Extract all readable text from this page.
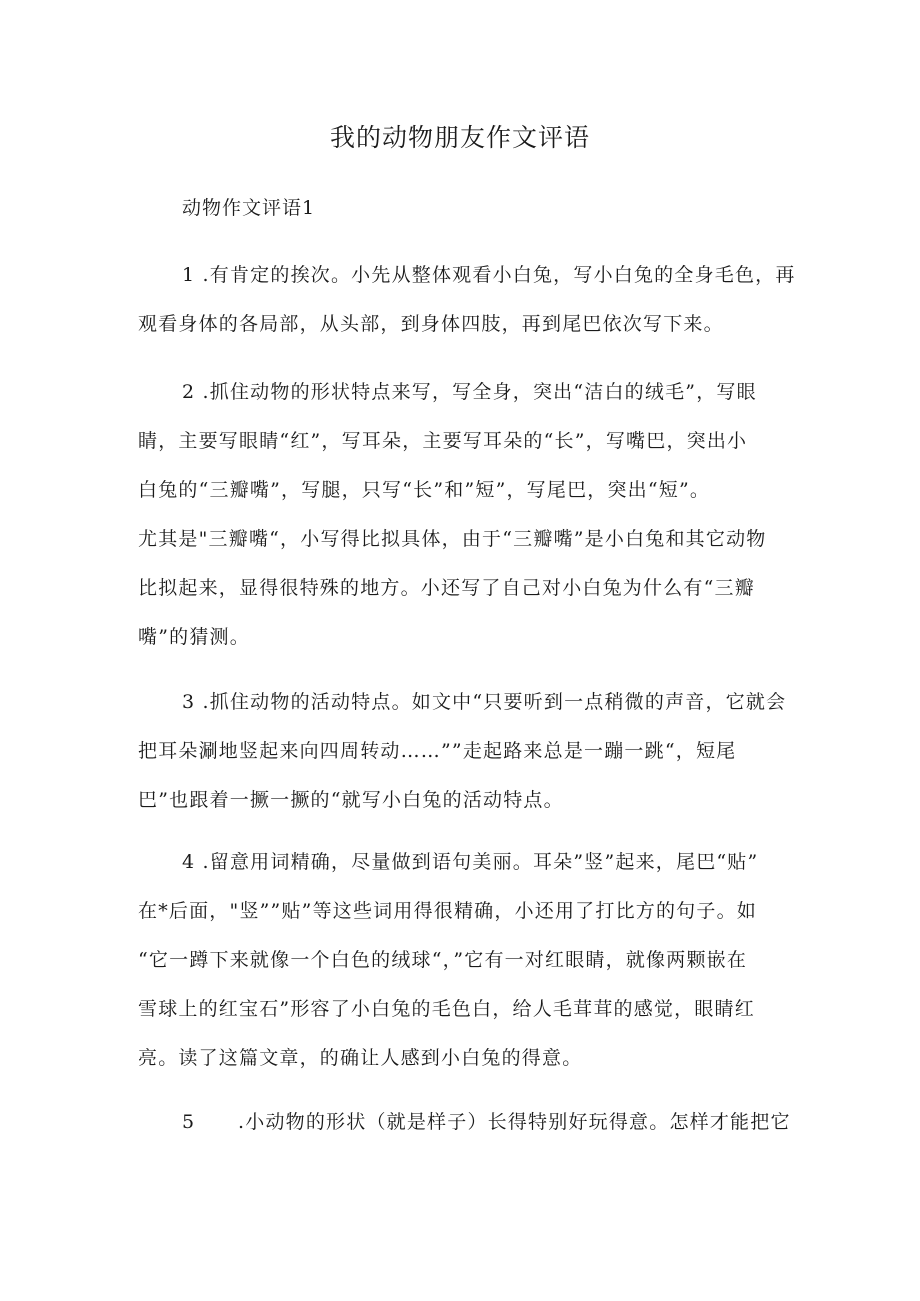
我的动物朋友作文评语
动物作文评语1
1 .有肯定的挨次。小先从整体观看小白兔，写小白兔的全身毛色，再
观看身体的各局部，从头部，到身体四肢，再到尾巴依次写下来。
2 .抓住动物的形状特点来写，写全身，突出“洁白的绒毛”，写眼
睛，主要写眼睛“红”，写耳朵，主要写耳朵的“长”，写嘴巴，突出小
白兔的“三瓣嘴”，写腿，只写“长”和”短”，写尾巴，突出“短”。
尤其是"三瓣嘴“，小写得比拟具体，由于“三瓣嘴”是小白兔和其它动物
比拟起来，显得很特殊的地方。小还写了自己对小白兔为什么有“三瓣
嘴”的猜测。
3 .抓住动物的活动特点。如文中“只要听到一点稍微的声音，它就会
把耳朵涮地竖起来向四周转动……””走起路来总是一蹦一跳“，短尾
巴”也跟着一撅一撅的“就写小白兔的活动特点。
4 .留意用词精确，尽量做到语句美丽。耳朵”竖”起来，尾巴“贴”
在*后面，"竖””贴”等这些词用得很精确，小还用了打比方的句子。如
“它一蹲下来就像一个白色的绒球“，”它有一对红眼睛，就像两颗嵌在
雪球上的红宝石”形容了小白兔的毛色白，给人毛茸茸的感觉，眼睛红
亮。读了这篇文章，的确让人感到小白兔的得意。
5 .小动物的形状（就是样子）长得特别好玩得意。怎样才能把它
